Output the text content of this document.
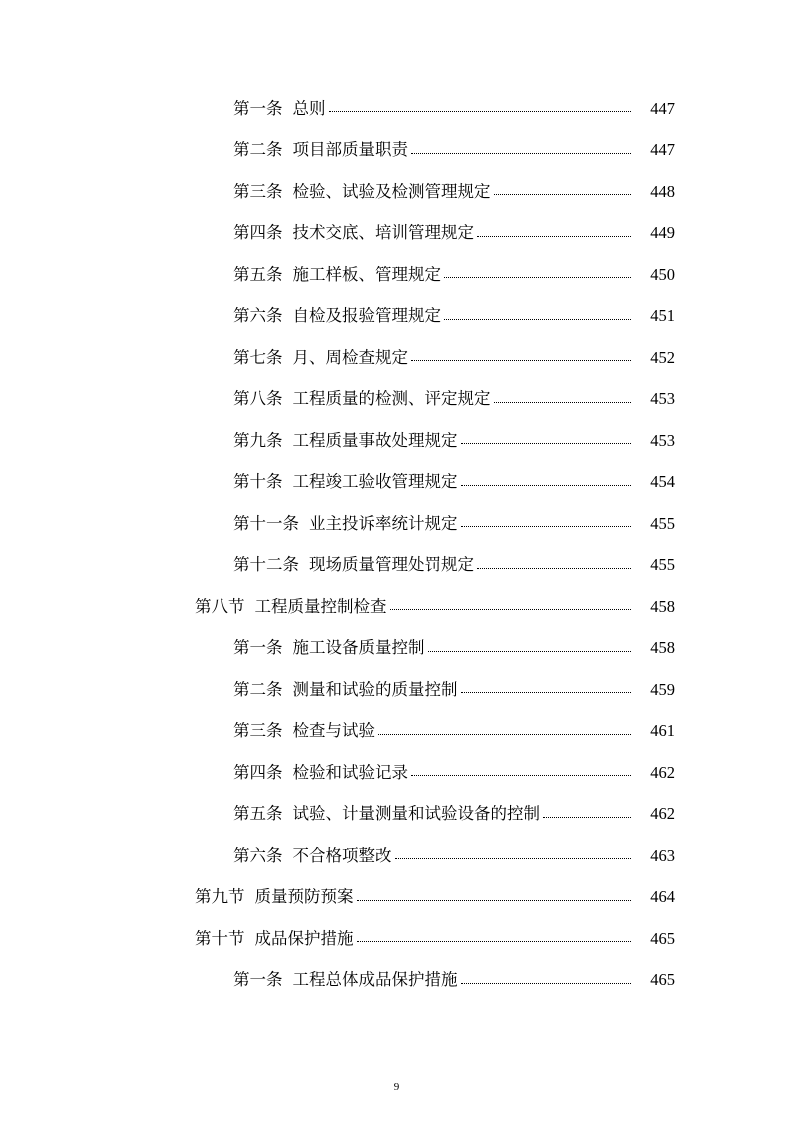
第一条 总则	447
第二条 项目部质量职责	447
第三条 检验、试验及检测管理规定	448
第四条 技术交底、培训管理规定	449
第五条 施工样板、管理规定	450
第六条 自检及报验管理规定	451
第七条 月、周检查规定	452
第八条 工程质量的检测、评定规定	453
第九条 工程质量事故处理规定	453
第十条 工程竣工验收管理规定	454
第十一条 业主投诉率统计规定	455
第十二条 现场质量管理处罚规定	455
第八节 工程质量控制检查	458
第一条 施工设备质量控制	458
第二条 测量和试验的质量控制	459
第三条 检查与试验	461
第四条 检验和试验记录	462
第五条 试验、计量测量和试验设备的控制	462
第六条 不合格项整改	463
第九节 质量预防预案	464
第十节 成品保护措施	465
第一条 工程总体成品保护措施	465
9
